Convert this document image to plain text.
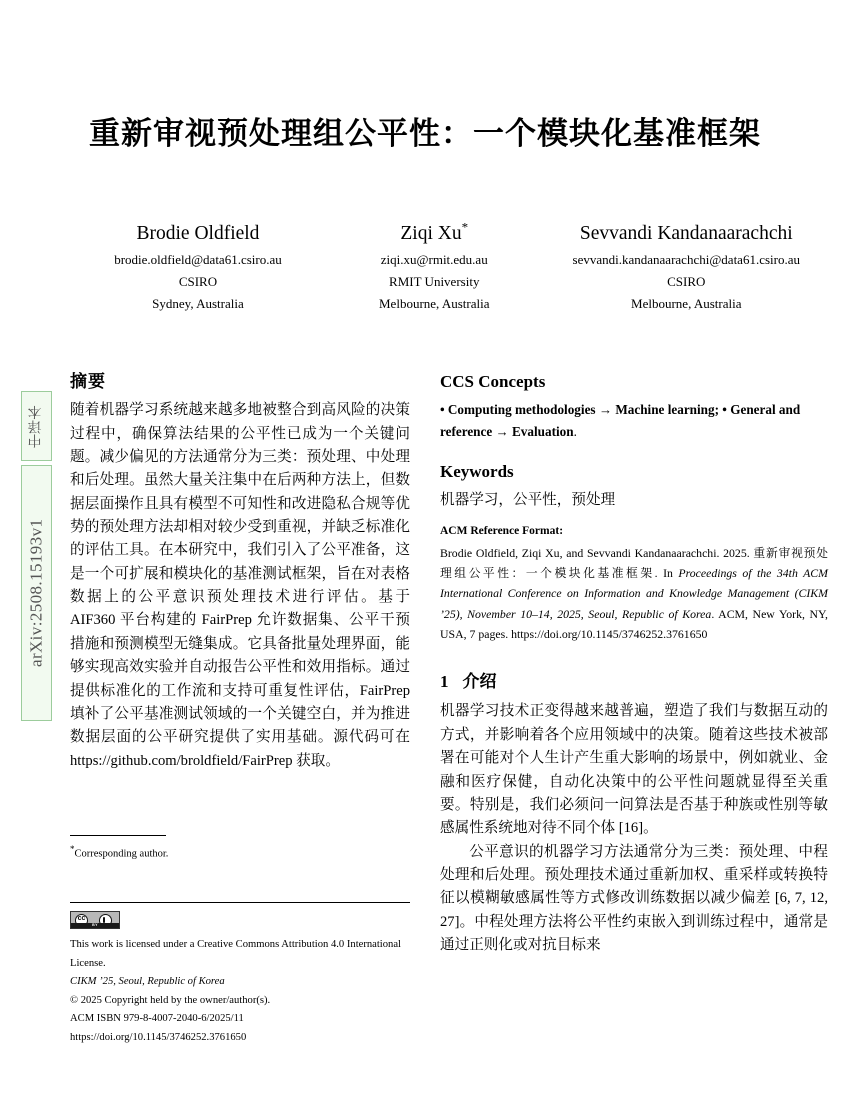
arXiv:2508.15193v1
中译本
重新审视预处理组公平性：一个模块化基准框架
Brodie Oldfield
brodie.oldfield@data61.csiro.au
CSIRO
Sydney, Australia
Ziqi Xu*
ziqi.xu@rmit.edu.au
RMIT University
Melbourne, Australia
Sevvandi Kandanaarachchi
sevvandi.kandanaarachchi@data61.csiro.au
CSIRO
Melbourne, Australia
摘要

随着机器学习系统越来越多地被整合到高风险的决策过程中，确保算法结果的公平性已成为一个关键问题。减少偏见的方法通常分为三类：预处理、中处理和后处理。虽然大量关注集中在后两种方法上，但数据层面操作且具有模型不可知性和改进隐私合规等优势的预处理方法却相对较少受到重视，并缺乏标准化的评估工具。在本研究中，我们引入了公平准备，这是一个可扩展和模块化的基准测试框架，旨在对表格数据上的公平意识预处理技术进行评估。基于 AIF360 平台构建的 FairPrep 允许数据集、公平干预措施和预测模型无缝集成。它具备批量处理界面，能够实现高效实验并自动报告公平性和效用指标。通过提供标准化的工作流和支持可重复性评估，FairPrep 填补了公平基准测试领域的一个关键空白，并为推进数据层面的公平研究提供了实用基础。源代码可在 https://github.com/broldfield/FairPrep 获取。

*Corresponding author.

cc
BY
This work is licensed under a Creative Commons Attribution 4.0 International License.
CIKM ’25, Seoul, Republic of Korea
© 2025 Copyright held by the owner/author(s).
ACM ISBN 979-8-4007-2040-6/2025/11
https://doi.org/10.1145/3746252.3761650
CCS Concepts

• Computing methodologies → Machine learning; • General and reference → Evaluation.

Keywords

机器学习，公平性，预处理

ACM Reference Format:

Brodie Oldfield, Ziqi Xu, and Sevvandi Kandanaarachchi. 2025. 重新审视预处理组公平性：一个模块化基准框架. In Proceedings of the 34th ACM International Conference on Information and Knowledge Management (CIKM ’25), November 10–14, 2025, Seoul, Republic of Korea. ACM, New York, NY, USA, 7 pages. https://doi.org/10.1145/3746252.3761650

1 介绍

机器学习技术正变得越来越普遍，塑造了我们与数据互动的方式，并影响着各个应用领域中的决策。随着这些技术被部署在可能对个人生计产生重大影响的场景中，例如就业、金融和医疗保健，自动化决策中的公平性问题就显得至关重要。特别是，我们必须问一问算法是否基于种族或性别等敏感属性系统地对待不同个体 [16]。

公平意识的机器学习方法通常分为三类：预处理、中程处理和后处理。预处理技术通过重新加权、重采样或转换特征以模糊敏感属性等方式修改训练数据以减少偏差 [6, 7, 12, 27]。中程处理方法将公平性约束嵌入到训练过程中，通常是通过正则化或对抗目标来
